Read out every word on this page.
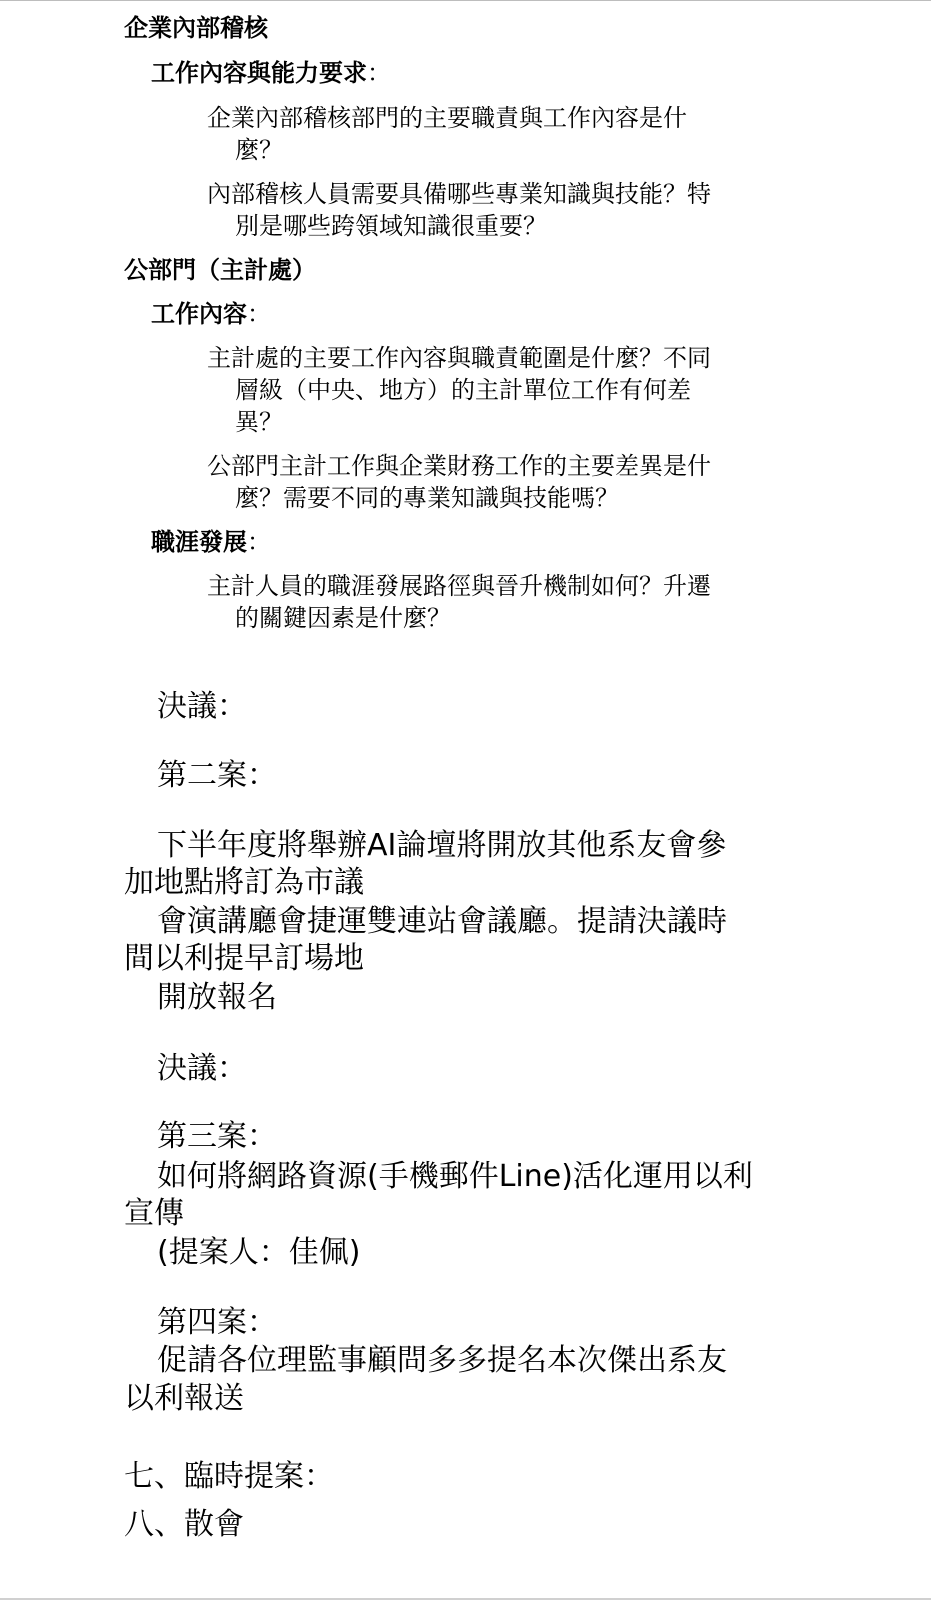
企業內部稽核
工作內容與能力要求：
企業內部稽核部門的主要職責與工作內容是什
麼？
內部稽核人員需要具備哪些專業知識與技能？特
別是哪些跨領域知識很重要？
公部門（主計處）
工作內容：
主計處的主要工作內容與職責範圍是什麼？不同
層級（中央、地方）的主計單位工作有何差
異？
公部門主計工作與企業財務工作的主要差異是什
麼？需要不同的專業知識與技能嗎？
職涯發展：
主計人員的職涯發展路徑與晉升機制如何？升遷
的關鍵因素是什麼？
決議：
第二案：
下半年度將舉辦AI論壇將開放其他系友會參
加地點將訂為市議
會演講廳會捷運雙連站會議廳。提請決議時
間以利提早訂場地
開放報名
決議：
第三案：
如何將網路資源(手機郵件Line)活化運用以利
宣傳
(提案人：佳佩)
第四案：
促請各位理監事顧問多多提名本次傑出系友
以利報送
七、臨時提案：
八、散會
